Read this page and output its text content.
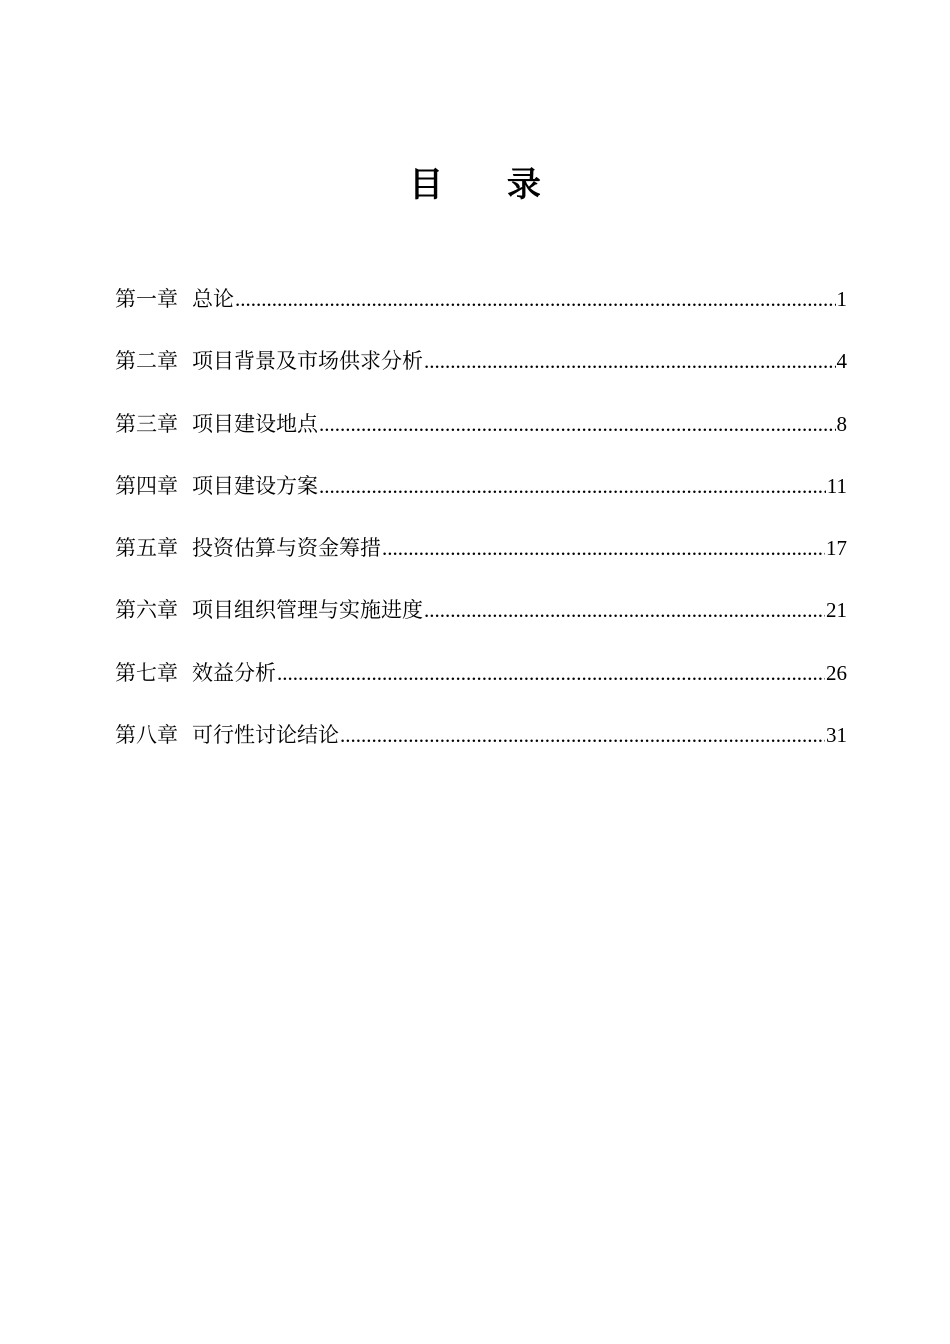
目 录
第一章 总论 .....	1
第二章 项目背景及市场供求分析 .....	4
第三章 项目建设地点 .....	8
第四章 项目建设方案 .....	11
第五章 投资估算与资金筹措 .....	17
第六章 项目组织管理与实施进度 .....	21
第七章 效益分析 .....	26
第八章 可行性讨论结论 .....	31
